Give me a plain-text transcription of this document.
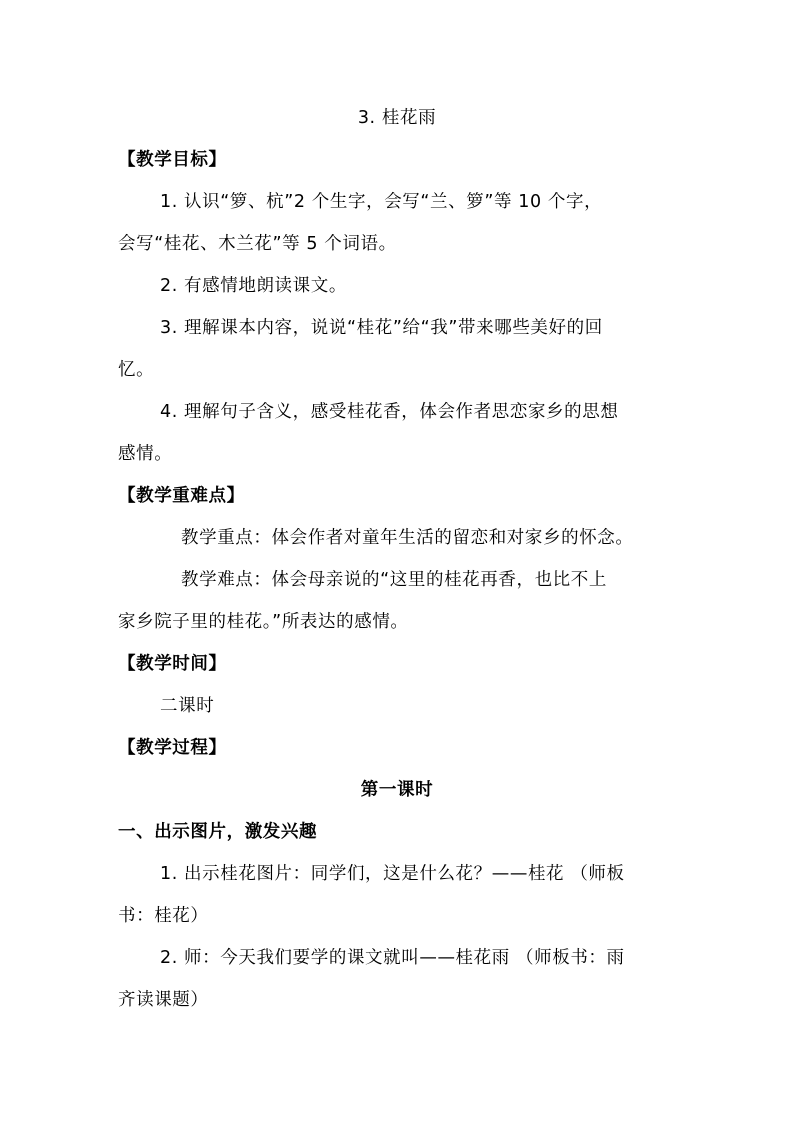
3. 桂花雨
【教学目标】
1. 认识“箩、杭”2 个生字，会写“兰、箩”等 10 个字，
会写“桂花、木兰花”等 5 个词语。
2. 有感情地朗读课文。
3. 理解课本内容，说说“桂花”给“我”带来哪些美好的回
忆。
4. 理解句子含义，感受桂花香，体会作者思恋家乡的思想
感情。
【教学重难点】
教学重点：体会作者对童年生活的留恋和对家乡的怀念。
教学难点：体会母亲说的“这里的桂花再香，也比不上
家乡院子里的桂花。”所表达的感情。
【教学时间】
二课时
【教学过程】
第一课时
一、出示图片，激发兴趣
1. 出示桂花图片：同学们，这是什么花？——桂花 （师板
书：桂花）
2. 师：今天我们要学的课文就叫——桂花雨 （师板书：雨
齐读课题）
